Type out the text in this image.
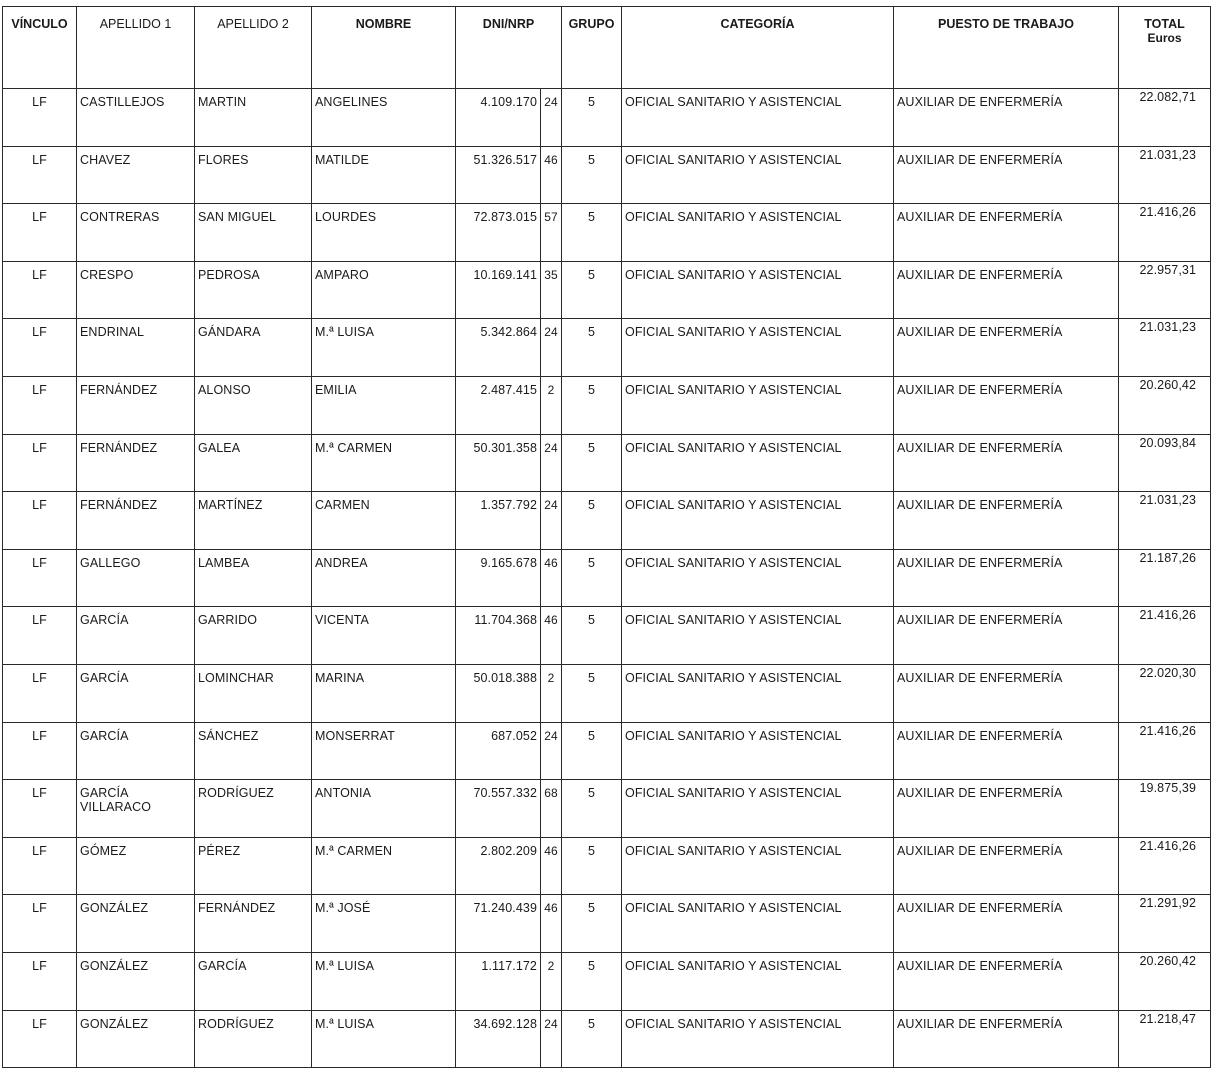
VÍNCULO	APELLIDO 1	APELLIDO 2	NOMBRE	DNI/NRP		GRUPO	CATEGORÍA	PUESTO DE TRABAJO	TOTAL
Euros

LF	CASTILLEJOS	MARTIN	ANGELINES	4.109.170	24	5	OFICIAL SANITARIO Y ASISTENCIAL	AUXILIAR DE ENFERMERÍA	22.082,71
LF	CHAVEZ	FLORES	MATILDE	51.326.517	46	5	OFICIAL SANITARIO Y ASISTENCIAL	AUXILIAR DE ENFERMERÍA	21.031,23
LF	CONTRERAS	SAN MIGUEL	LOURDES	72.873.015	57	5	OFICIAL SANITARIO Y ASISTENCIAL	AUXILIAR DE ENFERMERÍA	21.416,26
LF	CRESPO	PEDROSA	AMPARO	10.169.141	35	5	OFICIAL SANITARIO Y ASISTENCIAL	AUXILIAR DE ENFERMERÍA	22.957,31
LF	ENDRINAL	GÁNDARA	M.ª LUISA	5.342.864	24	5	OFICIAL SANITARIO Y ASISTENCIAL	AUXILIAR DE ENFERMERÍA	21.031,23
LF	FERNÁNDEZ	ALONSO	EMILIA	2.487.415	2	5	OFICIAL SANITARIO Y ASISTENCIAL	AUXILIAR DE ENFERMERÍA	20.260,42
LF	FERNÁNDEZ	GALEA	M.ª CARMEN	50.301.358	24	5	OFICIAL SANITARIO Y ASISTENCIAL	AUXILIAR DE ENFERMERÍA	20.093,84
LF	FERNÁNDEZ	MARTÍNEZ	CARMEN	1.357.792	24	5	OFICIAL SANITARIO Y ASISTENCIAL	AUXILIAR DE ENFERMERÍA	21.031,23
LF	GALLEGO	LAMBEA	ANDREA	9.165.678	46	5	OFICIAL SANITARIO Y ASISTENCIAL	AUXILIAR DE ENFERMERÍA	21.187,26
LF	GARCÍA	GARRIDO	VICENTA	11.704.368	46	5	OFICIAL SANITARIO Y ASISTENCIAL	AUXILIAR DE ENFERMERÍA	21.416,26
LF	GARCÍA	LOMINCHAR	MARINA	50.018.388	2	5	OFICIAL SANITARIO Y ASISTENCIAL	AUXILIAR DE ENFERMERÍA	22.020,30
LF	GARCÍA	SÁNCHEZ	MONSERRAT	687.052	24	5	OFICIAL SANITARIO Y ASISTENCIAL	AUXILIAR DE ENFERMERÍA	21.416,26
LF	GARCÍA VILLARACO	RODRÍGUEZ	ANTONIA	70.557.332	68	5	OFICIAL SANITARIO Y ASISTENCIAL	AUXILIAR DE ENFERMERÍA	19.875,39
LF	GÓMEZ	PÉREZ	M.ª CARMEN	2.802.209	46	5	OFICIAL SANITARIO Y ASISTENCIAL	AUXILIAR DE ENFERMERÍA	21.416,26
LF	GONZÁLEZ	FERNÁNDEZ	M.ª JOSÉ	71.240.439	46	5	OFICIAL SANITARIO Y ASISTENCIAL	AUXILIAR DE ENFERMERÍA	21.291,92
LF	GONZÁLEZ	GARCÍA	M.ª LUISA	1.117.172	2	5	OFICIAL SANITARIO Y ASISTENCIAL	AUXILIAR DE ENFERMERÍA	20.260,42
LF	GONZÁLEZ	RODRÍGUEZ	M.ª LUISA	34.692.128	24	5	OFICIAL SANITARIO Y ASISTENCIAL	AUXILIAR DE ENFERMERÍA	21.218,47
